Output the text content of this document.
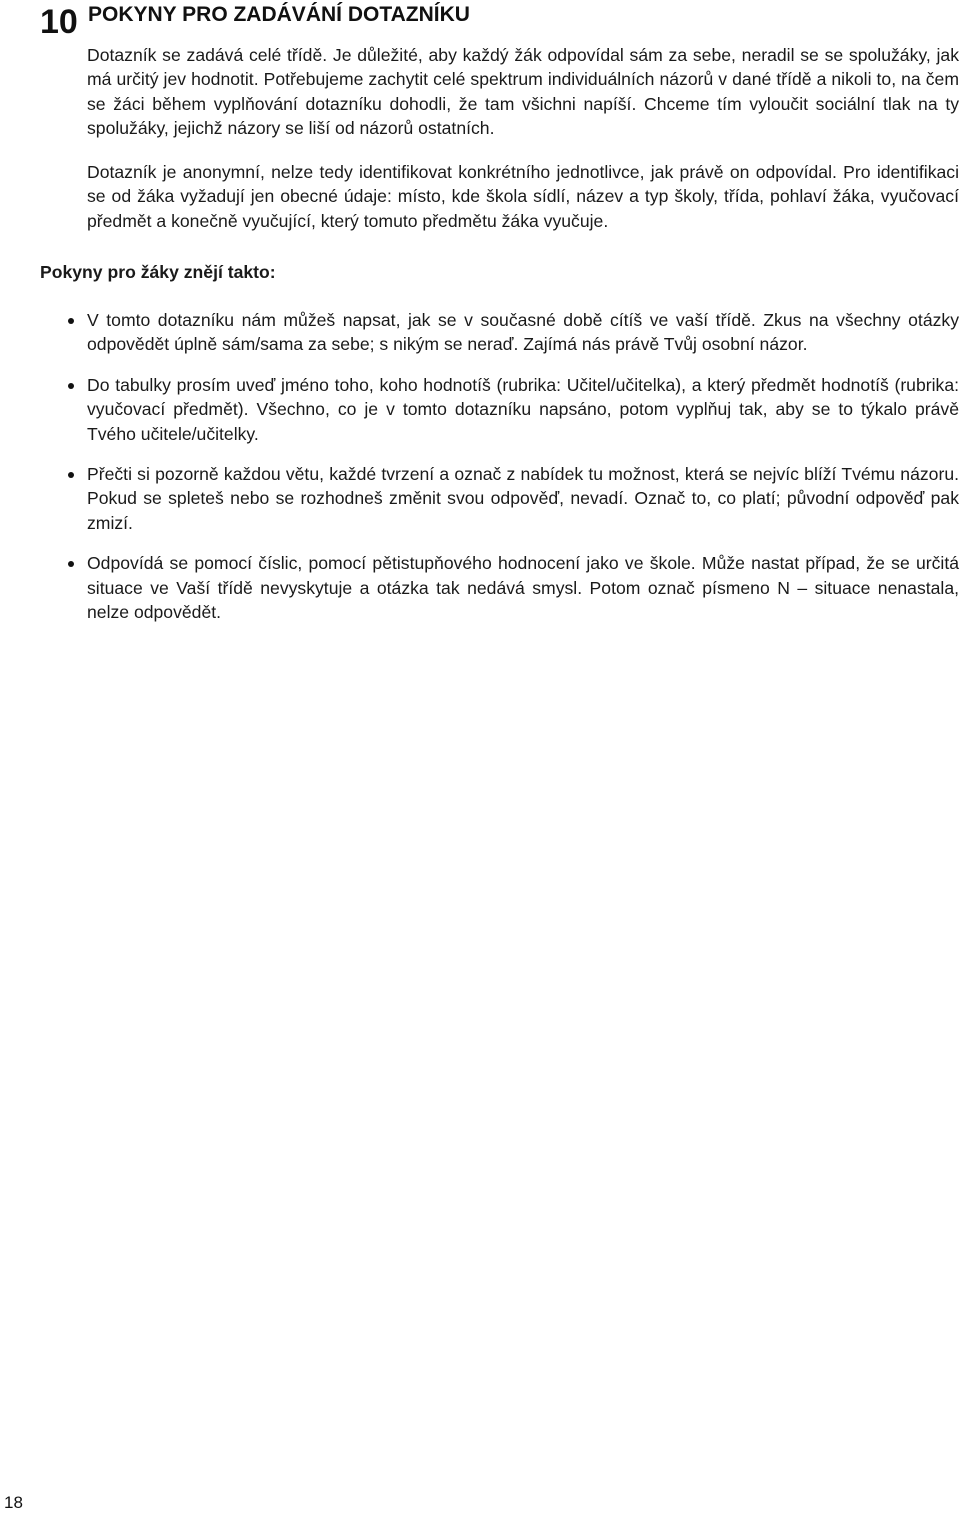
10 POKYNY PRO ZADÁVÁNÍ DOTAZNÍKU

Dotazník se zadává celé třídě. Je důležité, aby každý žák odpovídal sám za sebe, neradil se se spolužáky, jak má určitý jev hodnotit. Potřebujeme zachytit celé spektrum individuálních názorů v dané třídě a nikoli to, na čem se žáci během vyplňování dotazníku dohodli, že tam všichni napíší. Chceme tím vyloučit sociální tlak na ty spolužáky, jejichž názory se liší od názorů ostatních.

Dotazník je anonymní, nelze tedy identifikovat konkrétního jednotlivce, jak právě on odpovídal. Pro identifikaci se od žáka vyžadují jen obecné údaje: místo, kde škola sídlí, název a typ školy, třída, pohlaví žáka, vyučovací předmět a konečně vyučující, který tomuto předmětu žáka vyučuje.

Pokyny pro žáky znějí takto:
V tomto dotazníku nám můžeš napsat, jak se v současné době cítíš ve vaší třídě. Zkus na všechny otázky odpovědět úplně sám/sama za sebe; s nikým se neraď. Zajímá nás právě Tvůj osobní názor.
Do tabulky prosím uveď jméno toho, koho hodnotíš (rubrika: Učitel/učitelka), a který předmět hodnotíš (rubrika: vyučovací předmět). Všechno, co je v tomto dotazníku napsáno, potom vyplňuj tak, aby se to týkalo právě Tvého učitele/učitelky.
Přečti si pozorně každou větu, každé tvrzení a označ z nabídek tu možnost, která se nejvíc blíží Tvému názoru. Pokud se spleteš nebo se rozhodneš změnit svou odpověď, nevadí. Označ to, co platí; původní odpověď pak zmizí.
Odpovídá se pomocí číslic, pomocí pětistupňového hodnocení jako ve škole. Může nastat případ, že se určitá situace ve Vaší třídě nevyskytuje a otázka tak nedává smysl. Potom označ písmeno N – situace nenastala, nelze odpovědět.
18
